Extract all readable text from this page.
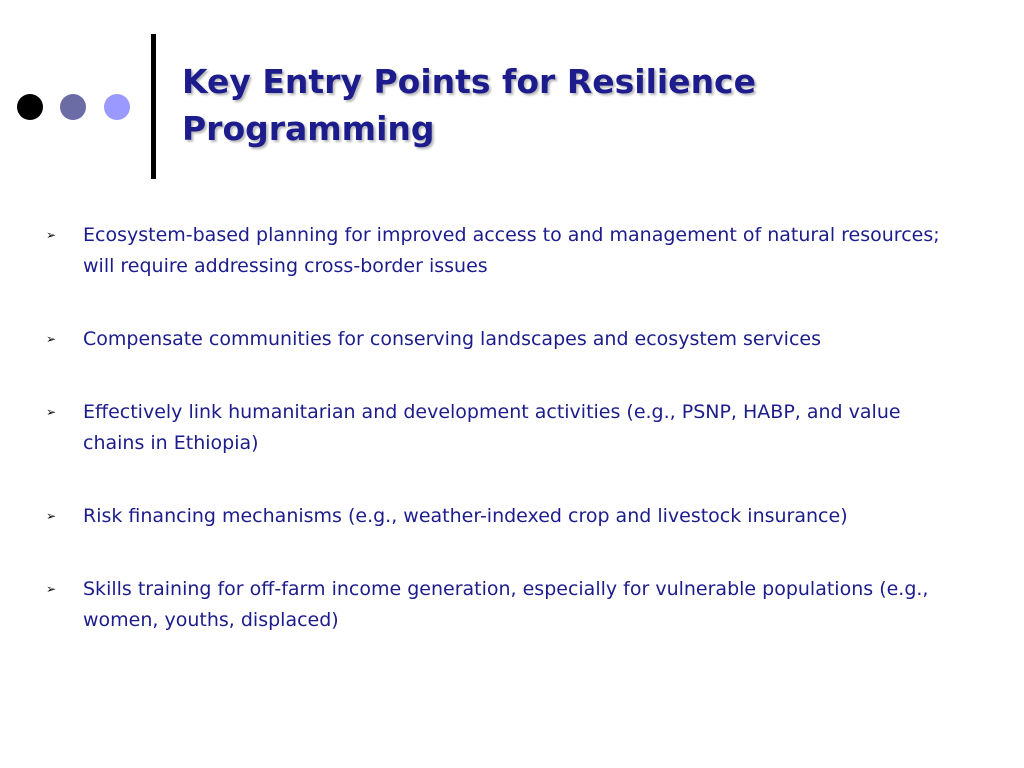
Key Entry Points for Resilience Programming
➢ Ecosystem-based planning for improved access to and management of natural resources; will require addressing cross-border issues
➢ Compensate communities for conserving landscapes and ecosystem services
➢ Effectively link humanitarian and development activities (e.g., PSNP, HABP, and value chains in Ethiopia)
➢ Risk financing mechanisms (e.g., weather-indexed crop and livestock insurance)
➢ Skills training for off-farm income generation, especially for vulnerable populations (e.g., women, youths, displaced)
